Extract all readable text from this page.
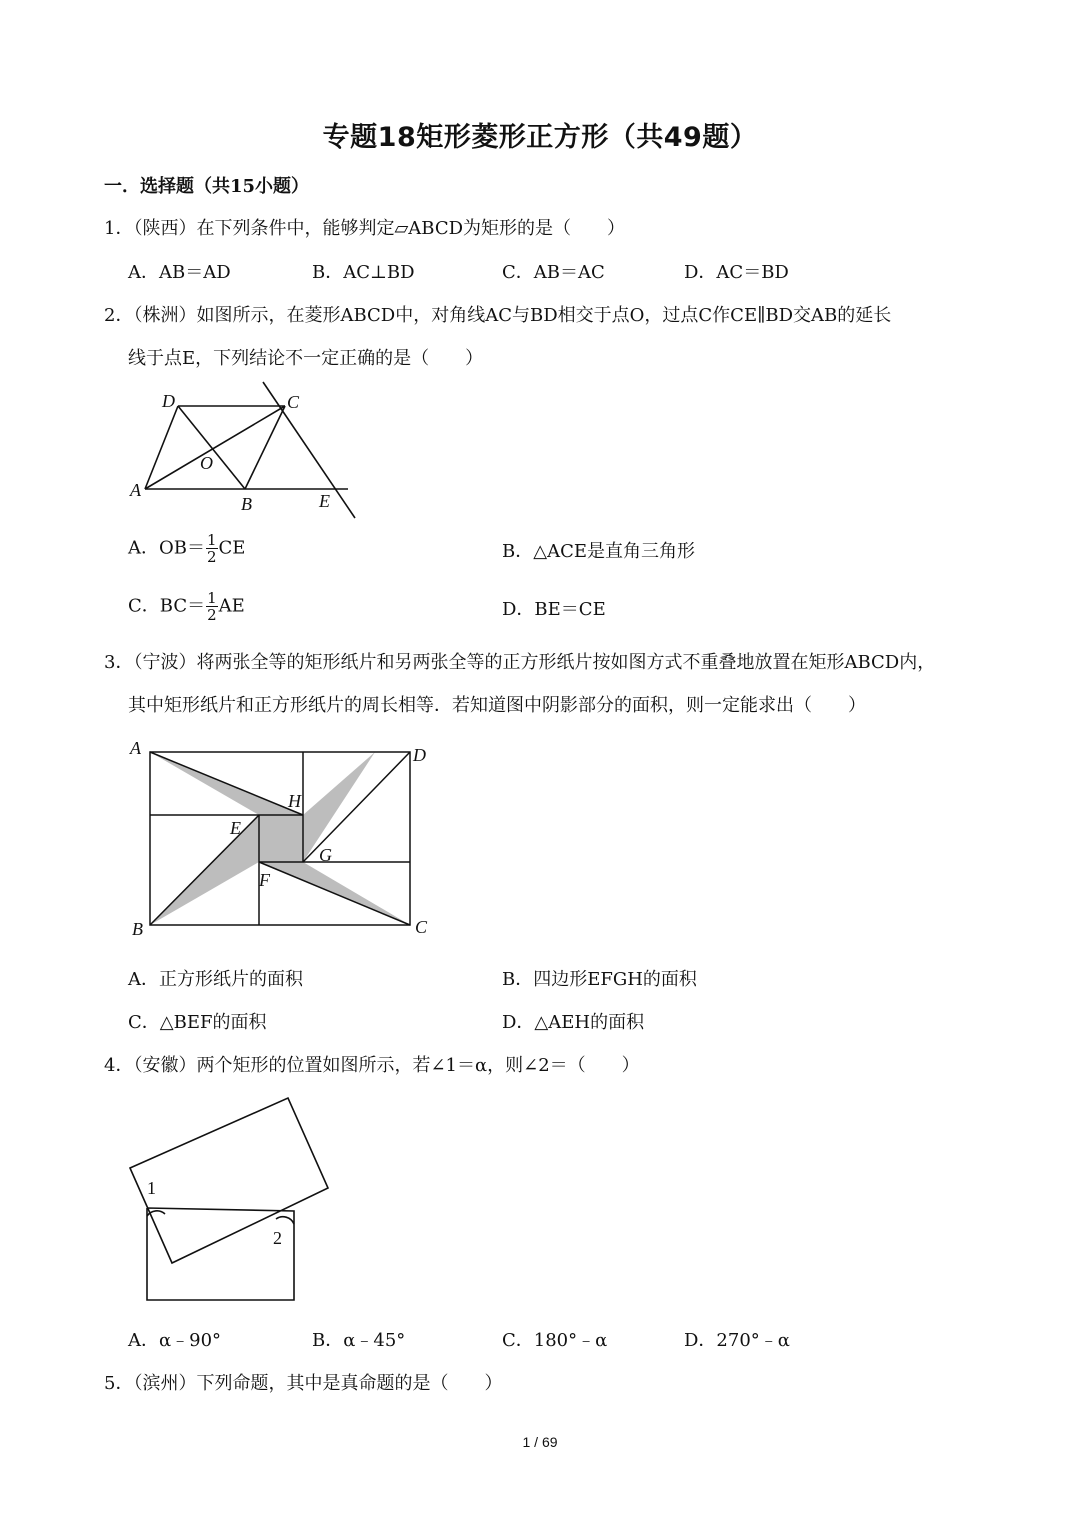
专题18矩形菱形正方形（共49题）
一．选择题（共15小题）
1．（陕西）在下列条件中，能够判定▱ABCD为矩形的是（　　）
A．AB＝AD	B．AC⊥BD	C．AB＝AC	D．AC＝BD
2．（株洲）如图所示，在菱形ABCD中，对角线AC与BD相交于点O，过点C作CE∥BD交AB的延长
线于点E，下列结论不一定正确的是（　　）
D	C
O
A
B	E
A．$OB= \frac{1}{2}$ CE	B．△ACE是直角三角形
C．$BC= \frac{1}{2}$ AE	D．BE＝CE
3．（宁波）将两张全等的矩形纸片和另两张全等的正方形纸片按如图方式不重叠地放置在矩形ABCD内，
其中矩形纸片和正方形纸片的周长相等．若知道图中阴影部分的面积，则一定能求出（　　）
A	D
H
E
G
F
B	C
A．正方形纸片的面积	B．四边形EFGH的面积
C．△BEF的面积	D．△AEH的面积
4．（安徽）两个矩形的位置如图所示，若∠1＝α，则∠2＝（　　）
1
2
A．α﹣90°	B．α﹣45°	C．180°﹣α	D．270°﹣α
5．（滨州）下列命题，其中是真命题的是（　　）
1 / 69
